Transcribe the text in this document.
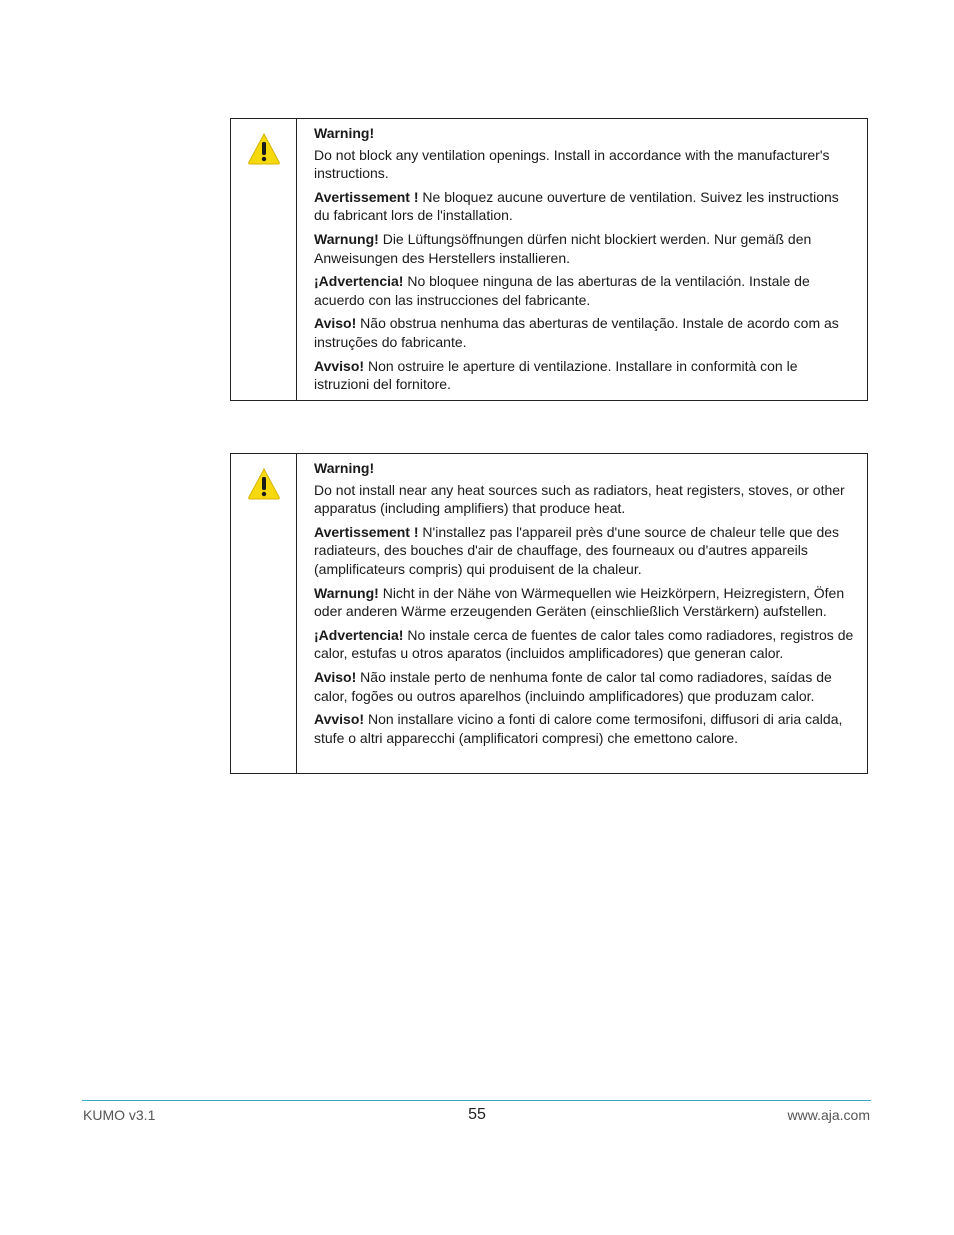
Warning!

Do not block any ventilation openings. Install in accordance with the manufacturer's instructions.

Avertissement ! Ne bloquez aucune ouverture de ventilation. Suivez les instructions du fabricant lors de l'installation.

Warnung! Die Lüftungsöffnungen dürfen nicht blockiert werden. Nur gemäß den Anweisungen des Herstellers installieren.

¡Advertencia! No bloquee ninguna de las aberturas de la ventilación. Instale de acuerdo con las instrucciones del fabricante.

Aviso! Não obstrua nenhuma das aberturas de ventilação. Instale de acordo com as instruções do fabricante.

Avviso! Non ostruire le aperture di ventilazione. Installare in conformità con le istruzioni del fornitore.

Warning!

Do not install near any heat sources such as radiators, heat registers, stoves, or other apparatus (including amplifiers) that produce heat.

Avertissement ! N'installez pas l'appareil près d'une source de chaleur telle que des radiateurs, des bouches d'air de chauffage, des fourneaux ou d'autres appareils (amplificateurs compris) qui produisent de la chaleur.

Warnung! Nicht in der Nähe von Wärmequellen wie Heizkörpern, Heizregistern, Öfen oder anderen Wärme erzeugenden Geräten (einschließlich Verstärkern) aufstellen.

¡Advertencia! No instale cerca de fuentes de calor tales como radiadores, registros de calor, estufas u otros aparatos (incluidos amplificadores) que generan calor.

Aviso! Não instale perto de nenhuma fonte de calor tal como radiadores, saídas de calor, fogões ou outros aparelhos (incluindo amplificadores) que produzam calor.

Avviso! Non installare vicino a fonti di calore come termosifoni, diffusori di aria calda, stufe o altri apparecchi (amplificatori compresi) che emettono calore.

KUMO v3.1	55	www.aja.com
